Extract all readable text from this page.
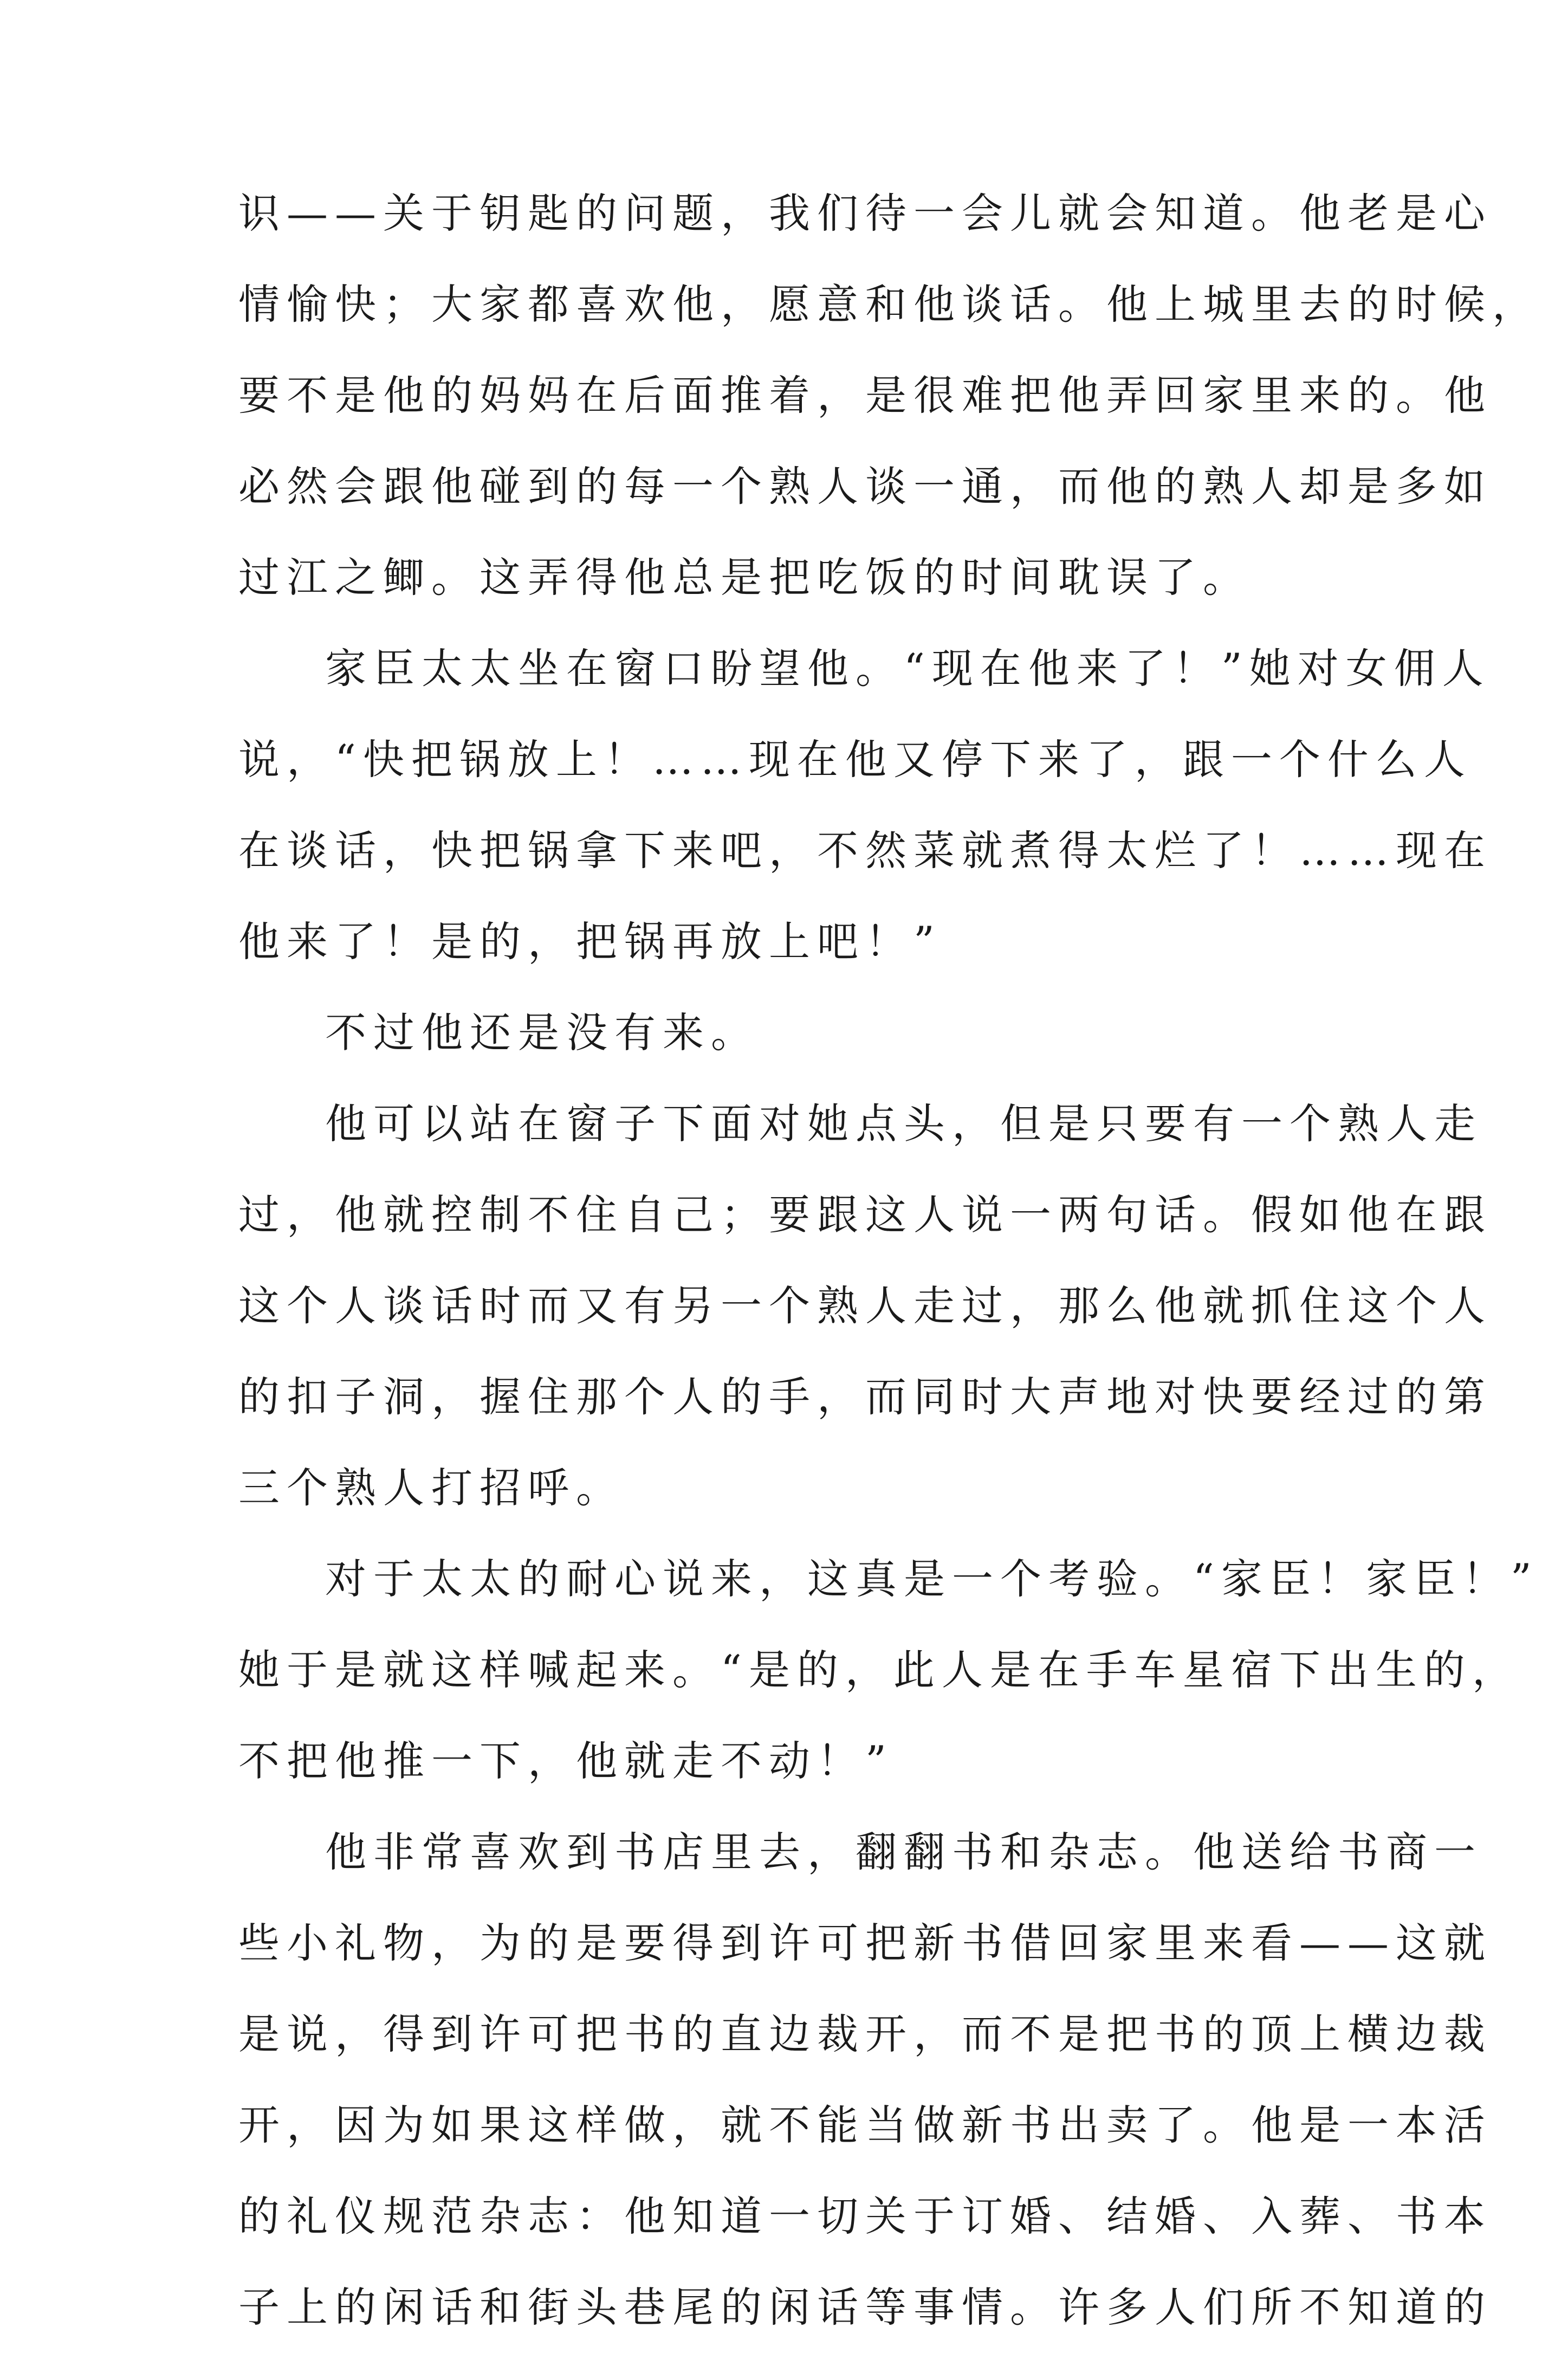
识——关于钥匙的问题，我们待一会儿就会知道。他老是心
情愉快；大家都喜欢他，愿意和他谈话。他上城里去的时候，
要不是他的妈妈在后面推着，是很难把他弄回家里来的。他
必然会跟他碰到的每一个熟人谈一通，而他的熟人却是多如
过江之鲫。这弄得他总是把吃饭的时间耽误了。
家臣太太坐在窗口盼望他。“现在他来了！”她对女佣人
说，“快把锅放上！……现在他又停下来了，跟一个什么人
在谈话，快把锅拿下来吧，不然菜就煮得太烂了！……现在
他来了！是的，把锅再放上吧！”
不过他还是没有来。
他可以站在窗子下面对她点头，但是只要有一个熟人走
过，他就控制不住自己；要跟这人说一两句话。假如他在跟
这个人谈话时而又有另一个熟人走过，那么他就抓住这个人
的扣子洞，握住那个人的手，而同时大声地对快要经过的第
三个熟人打招呼。
对于太太的耐心说来，这真是一个考验。“家臣！家臣！”
她于是就这样喊起来。“是的，此人是在手车星宿下出生的，
不把他推一下，他就走不动！”
他非常喜欢到书店里去，翻翻书和杂志。他送给书商一
些小礼物，为的是要得到许可把新书借回家里来看——这就
是说，得到许可把书的直边裁开，而不是把书的顶上横边裁
开，因为如果这样做，就不能当做新书出卖了。他是一本活
的礼仪规范杂志：他知道一切关于订婚、结婚、入葬、书本
子上的闲话和街头巷尾的闲话等事情。许多人们所不知道的
